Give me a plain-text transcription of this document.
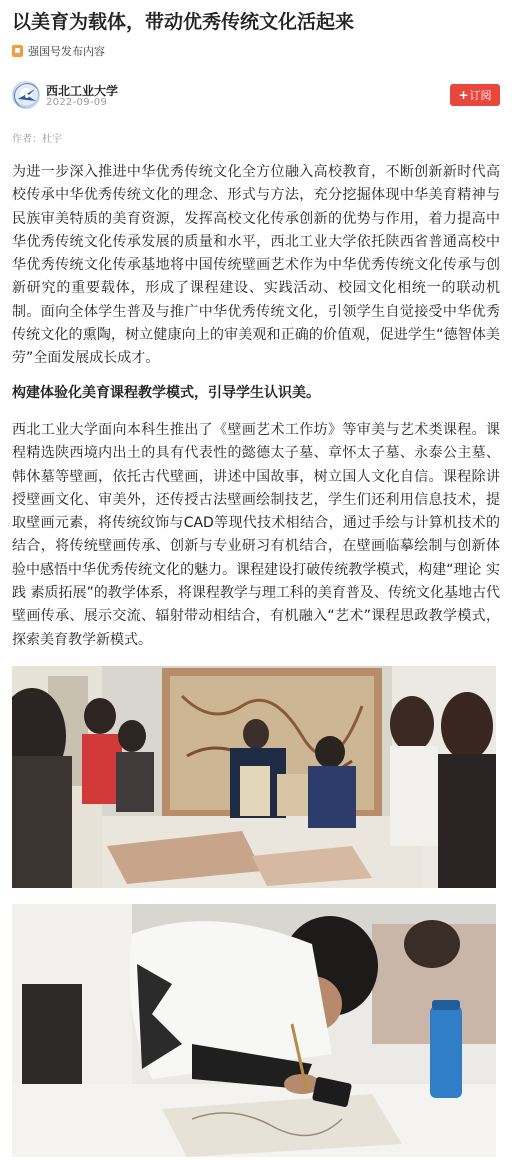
以美育为载体，带动优秀传统文化活起来
强国号发布内容
西北工业大学
2022-09-09
+ 订阅
作者：杜宇

为进一步深入推进中华优秀传统文化全方位融入高校教育，不断创新新时代高校传承中华优秀传统文化的理念、形式与方法，充分挖掘体现中华美育精神与民族审美特质的美育资源，发挥高校文化传承创新的优势与作用，着力提高中华优秀传统文化传承发展的质量和水平，西北工业大学依托陕西省普通高校中华优秀传统文化传承基地将中国传统壁画艺术作为中华优秀传统文化传承与创新研究的重要载体，形成了课程建设、实践活动、校园文化相统一的联动机制。面向全体学生普及与推广中华优秀传统文化，引领学生自觉接受中华优秀传统文化的熏陶，树立健康向上的审美观和正确的价值观，促进学生“德智体美劳”全面发展成长成才。

构建体验化美育课程教学模式，引导学生认识美。

西北工业大学面向本科生推出了《壁画艺术工作坊》等审美与艺术类课程。课程精选陕西境内出土的具有代表性的懿德太子墓、章怀太子墓、永泰公主墓、韩休墓等壁画，依托古代壁画，讲述中国故事，树立国人文化自信。课程除讲授壁画文化、审美外，还传授古法壁画绘制技艺，学生们还利用信息技术，提取壁画元素，将传统纹饰与CAD等现代技术相结合，通过手绘与计算机技术的结合，将传统壁画传承、创新与专业研习有机结合，在壁画临摹绘制与创新体验中感悟中华优秀传统文化的魅力。课程建设打破传统教学模式，构建“理论 实践 素质拓展”的教学体系，将课程教学与理工科的美育普及、传统文化基地古代壁画传承、展示交流、辐射带动相结合，有机融入“艺术”课程思政教学模式，探索美育教学新模式。
